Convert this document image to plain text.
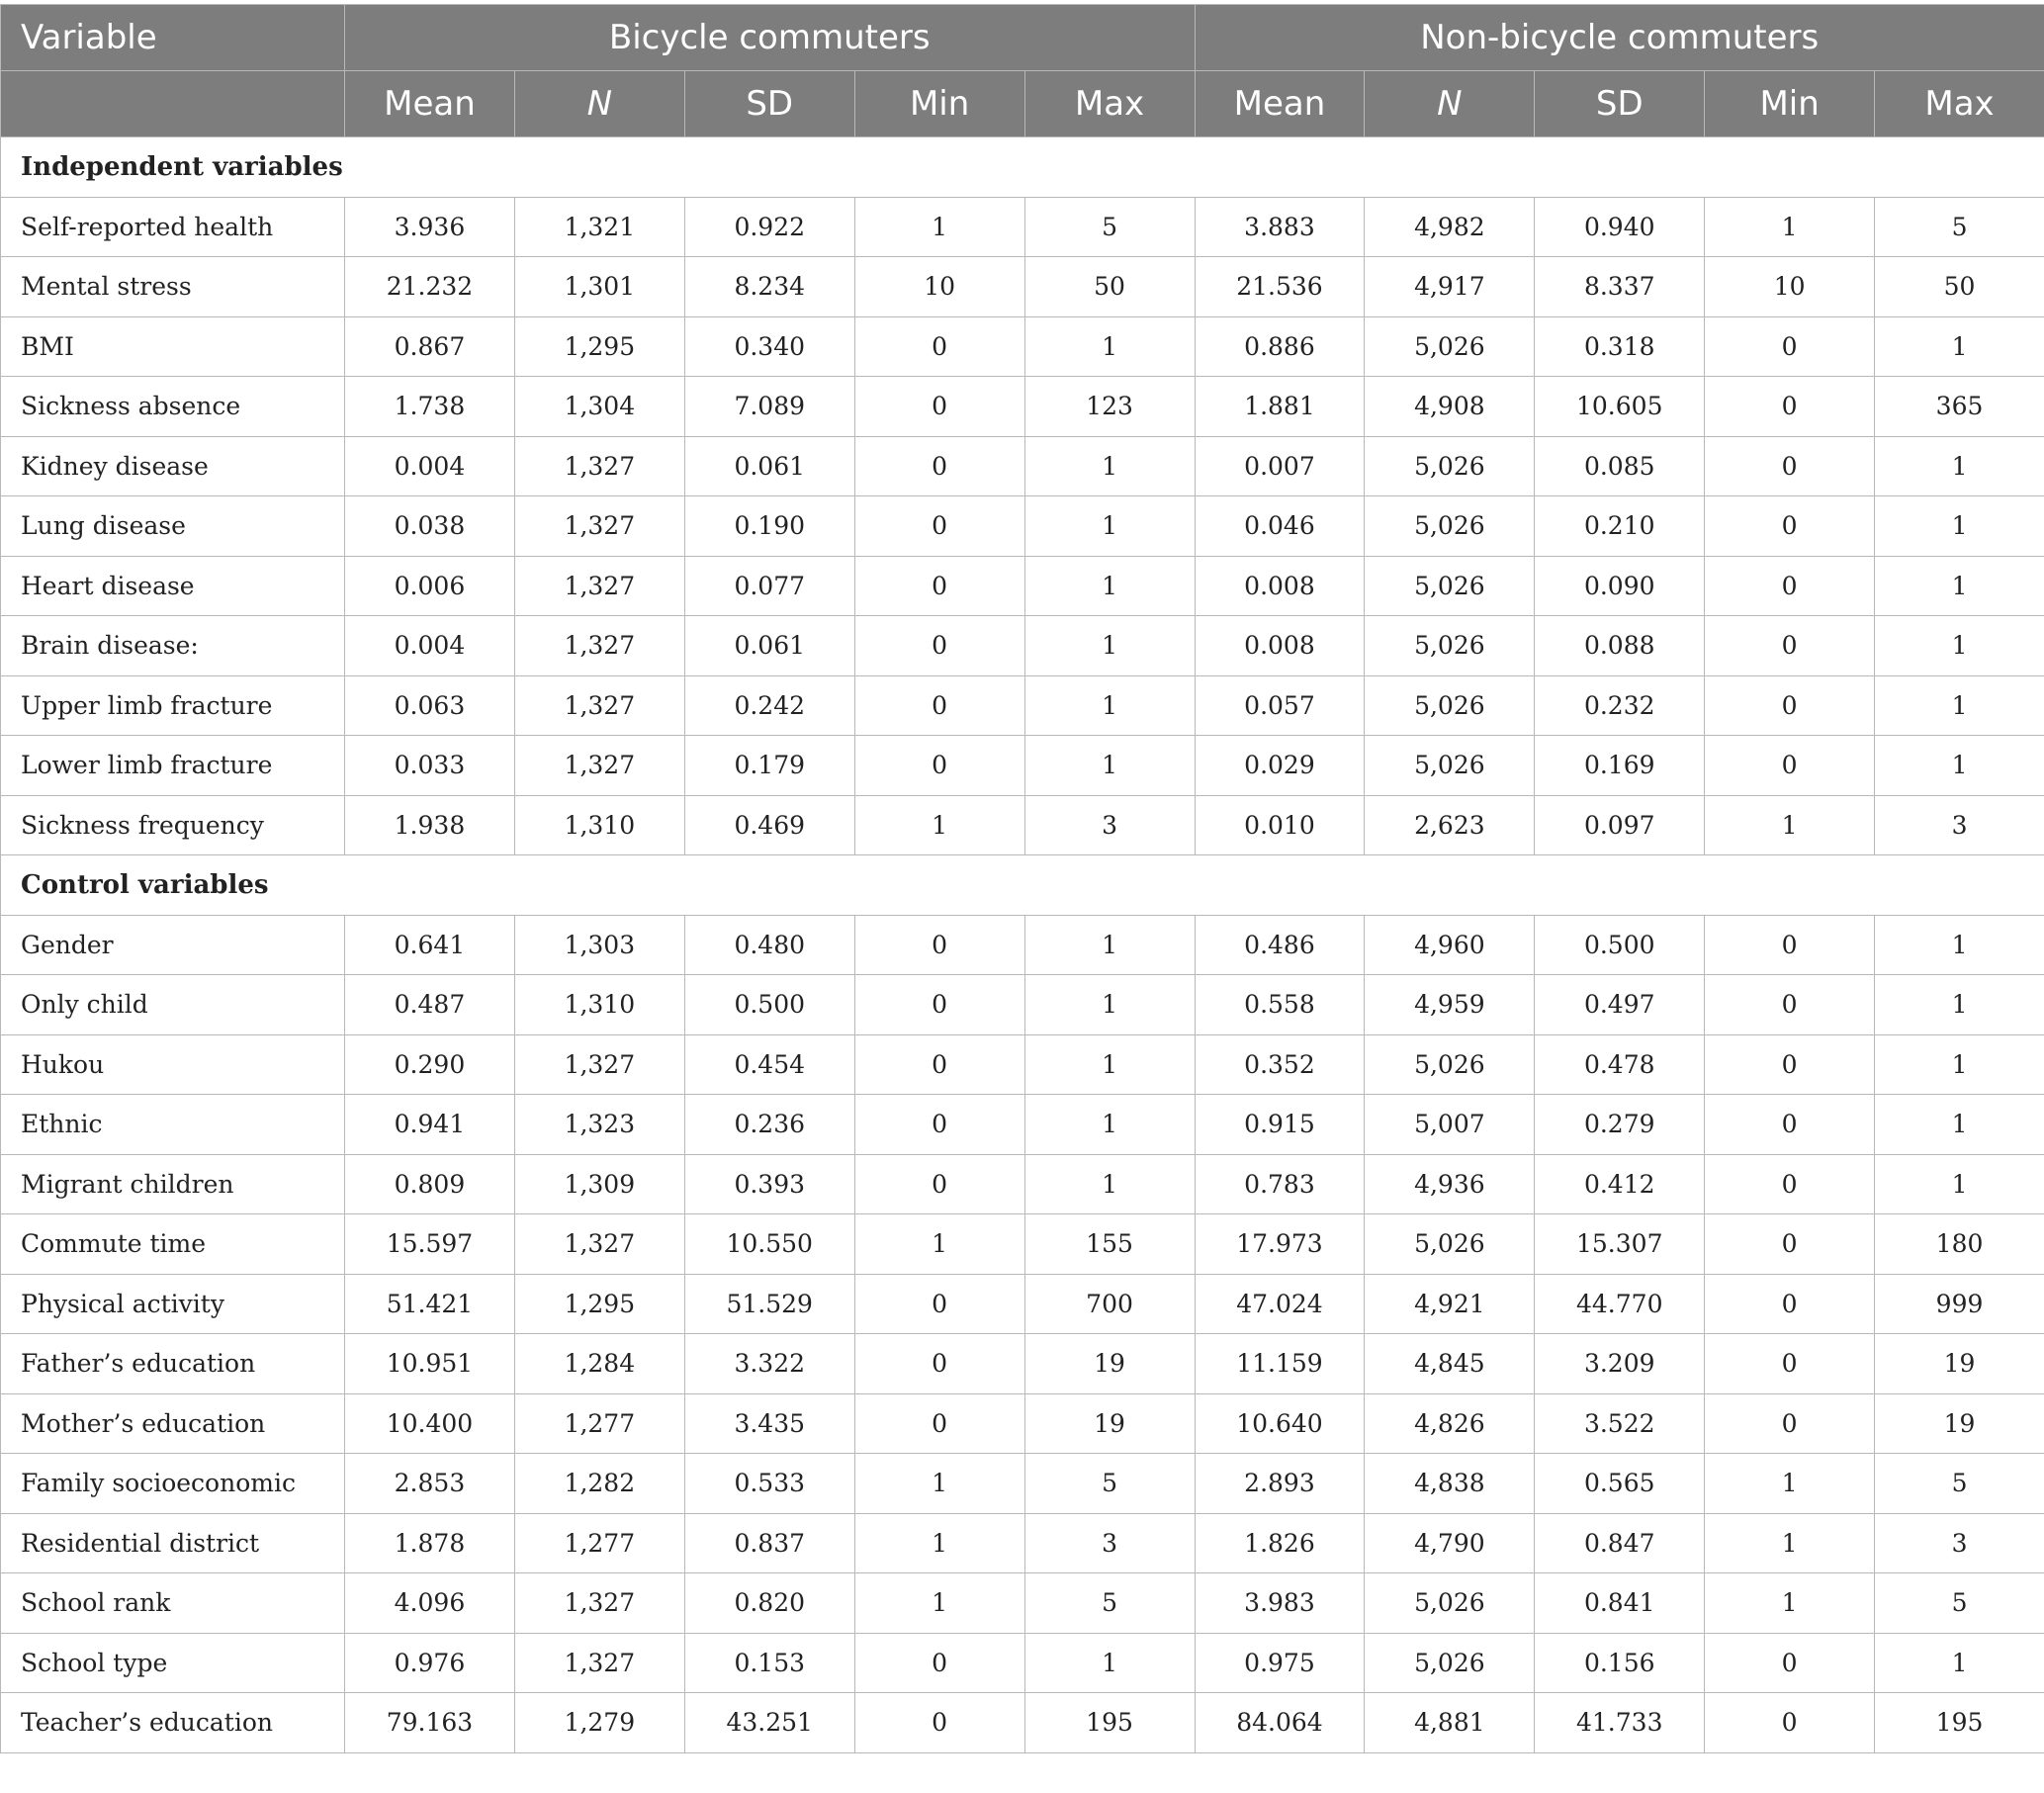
Variable	Bicycle commuters					Non-bicycle commuters				
	Mean	N	SD	Min	Max	Mean	N	SD	Min	Max
Independent variables										
Self-reported health	3.936	1,321	0.922	1	5	3.883	4,982	0.940	1	5
Mental stress	21.232	1,301	8.234	10	50	21.536	4,917	8.337	10	50
BMI	0.867	1,295	0.340	0	1	0.886	5,026	0.318	0	1
Sickness absence	1.738	1,304	7.089	0	123	1.881	4,908	10.605	0	365
Kidney disease	0.004	1,327	0.061	0	1	0.007	5,026	0.085	0	1
Lung disease	0.038	1,327	0.190	0	1	0.046	5,026	0.210	0	1
Heart disease	0.006	1,327	0.077	0	1	0.008	5,026	0.090	0	1
Brain disease:	0.004	1,327	0.061	0	1	0.008	5,026	0.088	0	1
Upper limb fracture	0.063	1,327	0.242	0	1	0.057	5,026	0.232	0	1
Lower limb fracture	0.033	1,327	0.179	0	1	0.029	5,026	0.169	0	1
Sickness frequency	1.938	1,310	0.469	1	3	0.010	2,623	0.097	1	3
Control variables										
Gender	0.641	1,303	0.480	0	1	0.486	4,960	0.500	0	1
Only child	0.487	1,310	0.500	0	1	0.558	4,959	0.497	0	1
Hukou	0.290	1,327	0.454	0	1	0.352	5,026	0.478	0	1
Ethnic	0.941	1,323	0.236	0	1	0.915	5,007	0.279	0	1
Migrant children	0.809	1,309	0.393	0	1	0.783	4,936	0.412	0	1
Commute time	15.597	1,327	10.550	1	155	17.973	5,026	15.307	0	180
Physical activity	51.421	1,295	51.529	0	700	47.024	4,921	44.770	0	999
Father’s education	10.951	1,284	3.322	0	19	11.159	4,845	3.209	0	19
Mother’s education	10.400	1,277	3.435	0	19	10.640	4,826	3.522	0	19
Family socioeconomic	2.853	1,282	0.533	1	5	2.893	4,838	0.565	1	5
Residential district	1.878	1,277	0.837	1	3	1.826	4,790	0.847	1	3
School rank	4.096	1,327	0.820	1	5	3.983	5,026	0.841	1	5
School type	0.976	1,327	0.153	0	1	0.975	5,026	0.156	0	1
Teacher’s education	79.163	1,279	43.251	0	195	84.064	4,881	41.733	0	195
